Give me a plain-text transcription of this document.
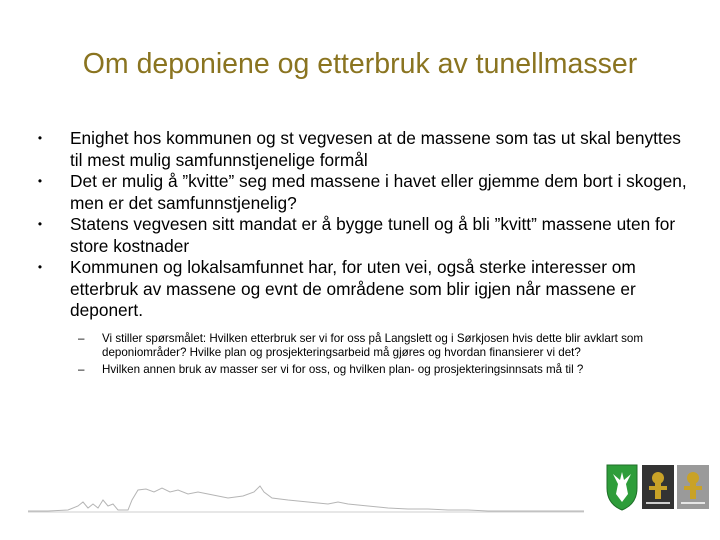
Om deponiene og etterbruk av tunellmasser
•	Enighet hos kommunen og st vegvesen at de massene som tas ut skal benyttes til mest mulig samfunnstjenelige formål
•	Det er mulig å ”kvitte” seg med massene i havet eller gjemme dem bort i skogen, men er det samfunnstjenelig?
•	Statens vegvesen sitt mandat er å bygge tunell og å bli ”kvitt” massene uten for store kostnader
•	Kommunen og lokalsamfunnet har, for uten vei, også sterke interesser om etterbruk av massene og evnt de områdene som blir igjen når massene er deponert.
– Vi stiller spørsmålet: Hvilken etterbruk ser vi for oss på Langslett og i Sørkjosen hvis dette blir avklart som deponiområder? Hvilke plan og prosjekteringsarbeid må gjøres og hvordan finansierer vi det?
– Hvilken annen bruk av masser ser vi for oss, og hvilken plan- og prosjekteringsinnsats må til ?
